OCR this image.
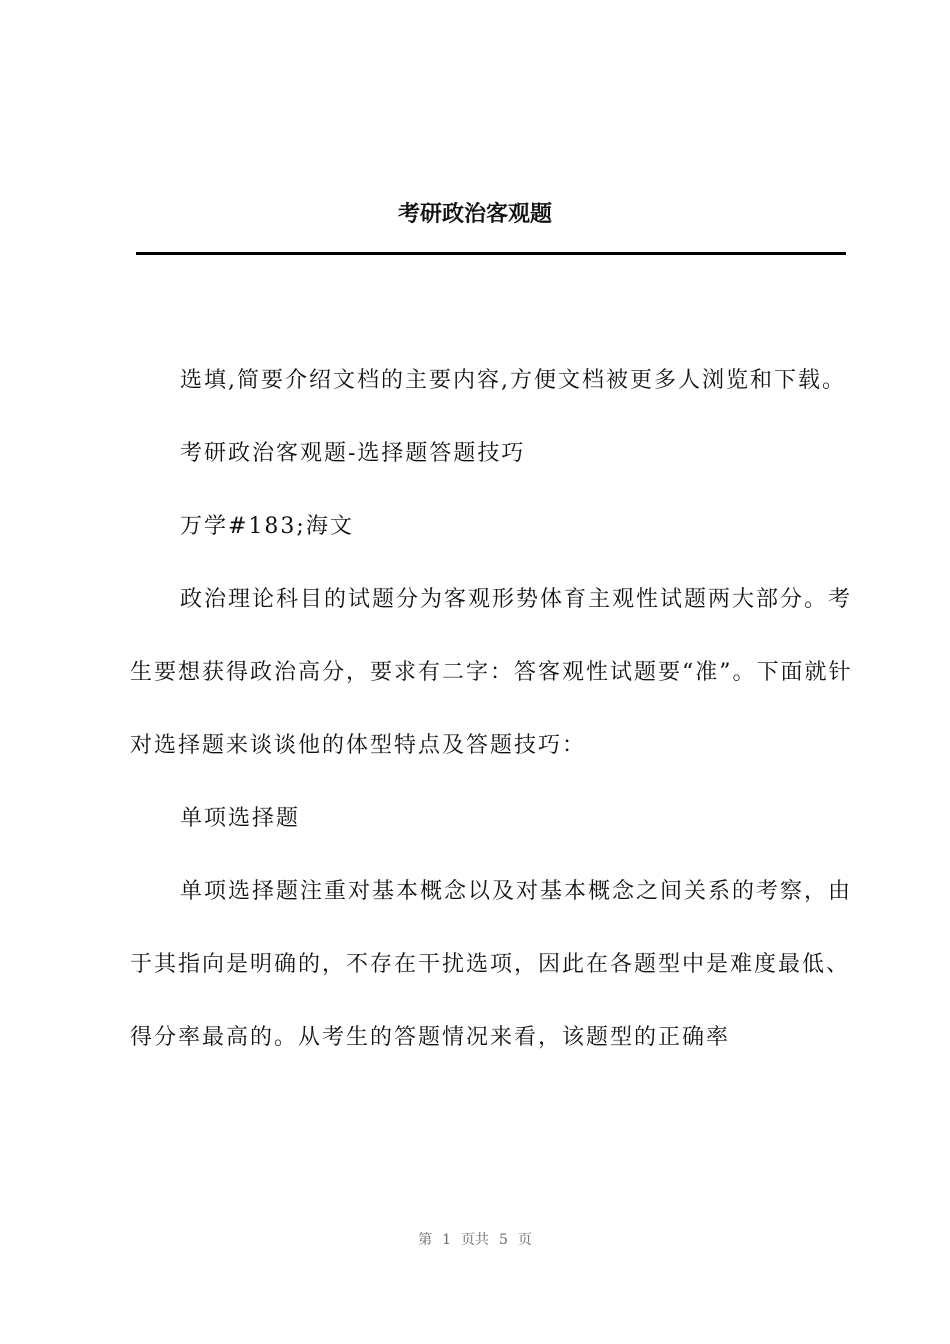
考研政治客观题

选填,简要介绍文档的主要内容,方便文档被更多人浏览和下载。

考研政治客观题-选择题答题技巧

万学#183;海文

政治理论科目的试题分为客观形势体育主观性试题两大部分。考生要想获得政治高分，要求有二字：答客观性试题要“准”。下面就针对选择题来谈谈他的体型特点及答题技巧：

单项选择题

单项选择题注重对基本概念以及对基本概念之间关系的考察，由于其指向是明确的，不存在干扰选项，因此在各题型中是难度最低、得分率最高的。从考生的答题情况来看，该题型的正确率

第 1 页共 5 页
